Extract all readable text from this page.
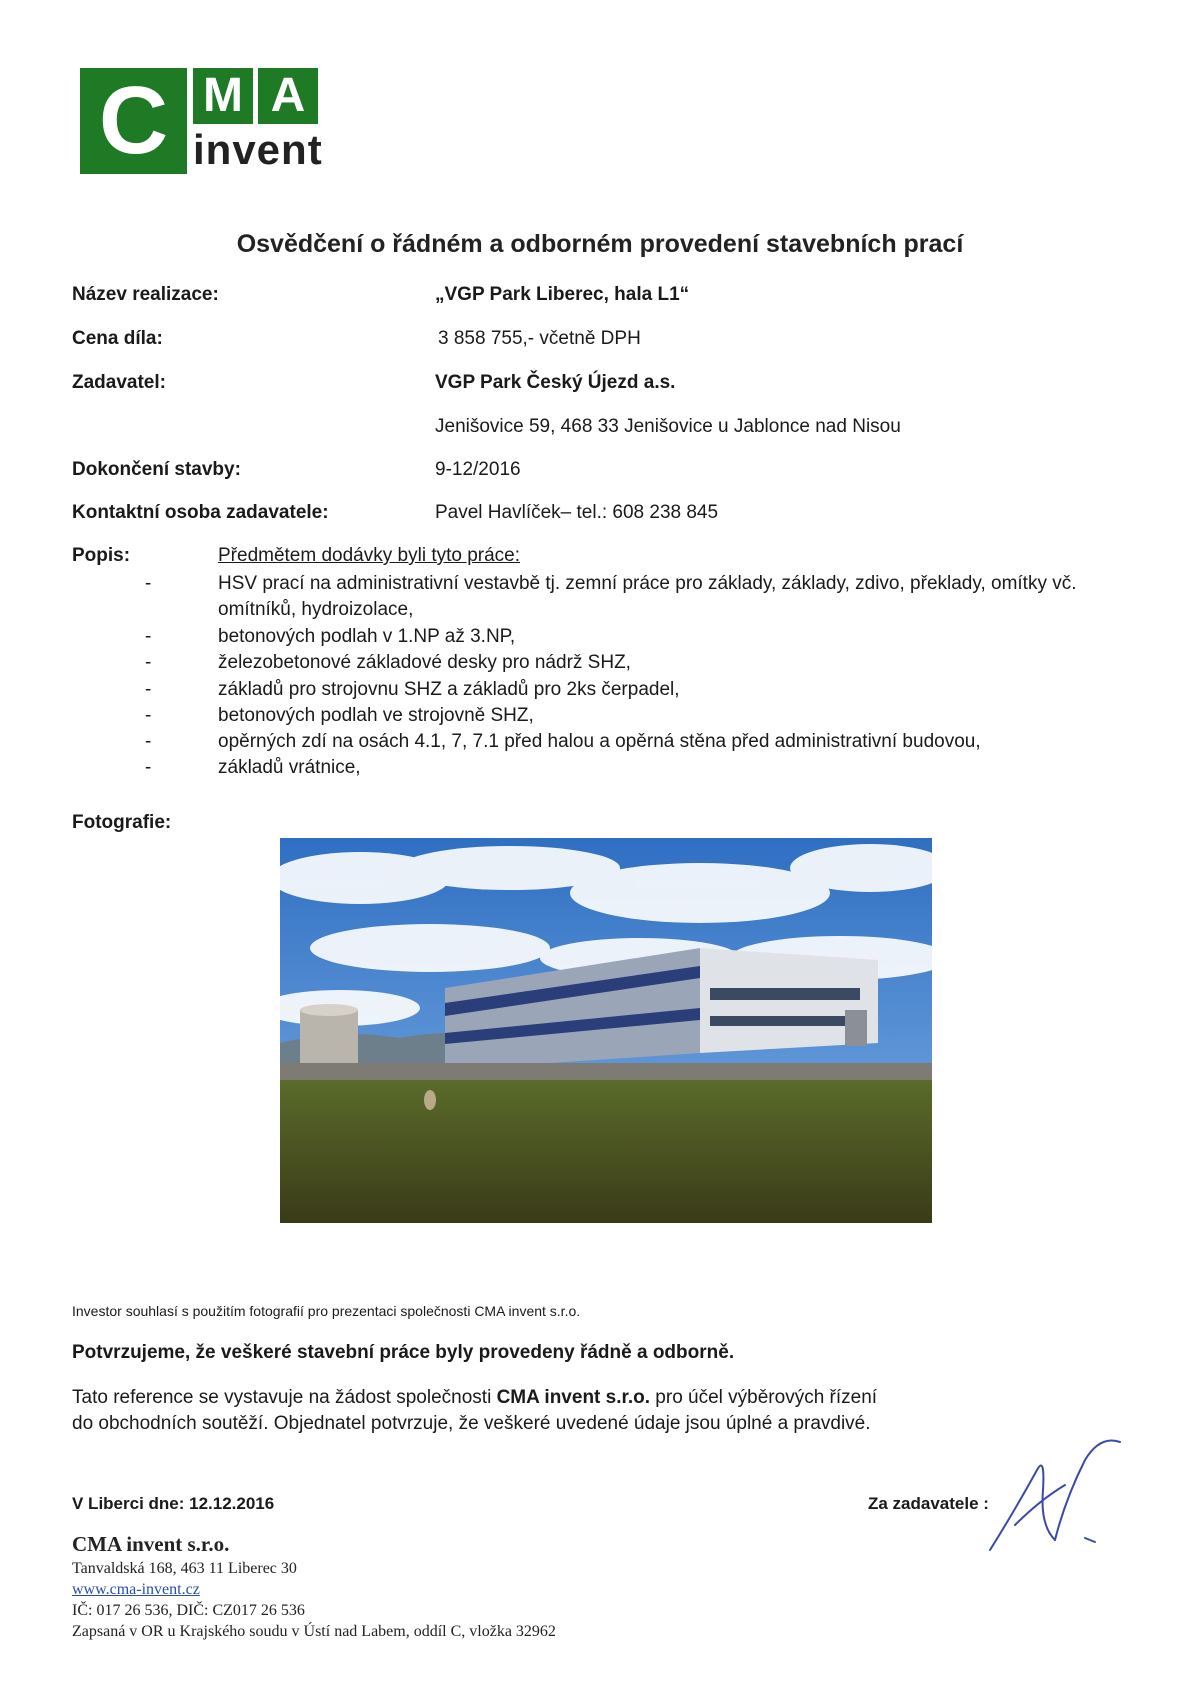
C M A
invent
Osvědčení o řádném a odborném provedení stavebních prací
Název realizace:	„VGP Park Liberec, hala L1“
Cena díla:	3 858 755,- včetně DPH
Zadavatel:	VGP Park Český Újezd a.s.
Jenišovice 59, 468 33 Jenišovice u Jablonce nad Nisou
Dokončení stavby:	9-12/2016
Kontaktní osoba zadavatele:	Pavel Havlíček– tel.: 608 238 845
Popis:	Předmětem dodávky byli tyto práce:
-	HSV prací na administrativní vestavbě tj. zemní práce pro základy, základy, zdivo, překlady, omítky vč. omítníků, hydroizolace,
-	betonových podlah v 1.NP až 3.NP,
-	železobetonové základové desky pro nádrž SHZ,
-	základů pro strojovnu SHZ a základů pro 2ks čerpadel,
-	betonových podlah ve strojovně SHZ,
-	opěrných zdí na osách 4.1, 7, 7.1 před halou a opěrná stěna před administrativní budovou,
-	základů vrátnice,
Fotografie:
Investor souhlasí s použitím fotografií pro prezentaci společnosti CMA invent s.r.o.
Potvrzujeme, že veškeré stavební práce byly provedeny řádně a odborně.
Tato reference se vystavuje na žádost společnosti CMA invent s.r.o. pro účel výběrových řízení
do obchodních soutěží. Objednatel potvrzuje, že veškeré uvedené údaje jsou úplné a pravdivé.
V Liberci dne: 12.12.2016	Za zadavatele :
CMA invent s.r.o.
Tanvaldská 168, 463 11 Liberec 30
www.cma-invent.cz
IČ: 017 26 536, DIČ: CZ017 26 536
Zapsaná v OR u Krajského soudu v Ústí nad Labem, oddíl C, vložka 32962
